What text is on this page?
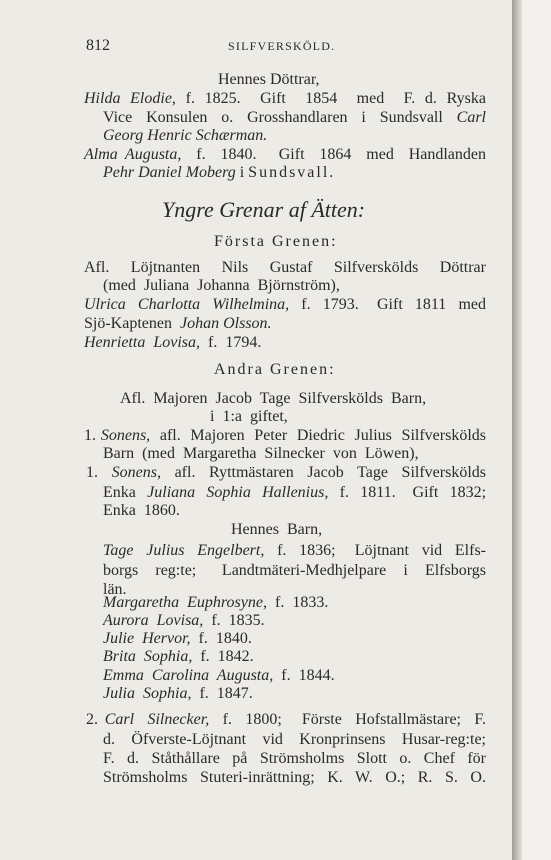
812	SILFVERSKÖLD.
Hennes Döttrar,
Hilda Elodie, f. 1825.  Gift  1854  med  F. d. Ryska
Vice  Konsulen  o.  Grosshandlaren  i  Sundsvall  Carl
Georg Henric Schærman.
Alma Augusta,  f.  1840.   Gift  1864  med  Handlanden
Pehr Daniel Moberg i Sundsvall.
Yngre Grenar af Ätten:
Första Grenen:
Afl.  Löjtnanten  Nils  Gustaf  Silfverskölds  Döttrar
(med  Juliana  Johanna  Björnström),
Ulrica  Charlotta  Wilhelmina,  f.  1793.   Gift  1811  med
Sjö-Kaptenen  Johan Olsson.
Henrietta  Lovisa,  f.  1794.
Andra Grenen:
Afl.  Majoren  Jacob  Tage  Silfverskölds  Barn,
i  1:a  giftet,
1. Sonens,  afl.  Majoren  Peter  Diedric  Julius  Silfverskölds
Barn  (med  Margaretha  Silnecker  von  Löwen),
1.  Sonens,  afl.  Ryttmästaren  Jacob  Tage  Silfverskölds
Enka  Juliana  Sophia  Hallenius,  f.  1811.   Gift  1832;
Enka  1860.
Hennes  Barn,
Tage  Julius  Engelbert,  f.  1836;   Löjtnant  vid  Elfs-
borgs  reg:te;   Landtmäteri-Medhjelpare  i  Elfsborgs
län.
Margaretha  Euphrosyne,  f.  1833.
Aurora  Lovisa,  f.  1835.
Julie  Hervor,  f.  1840.
Brita  Sophia,  f.  1842.
Emma  Carolina  Augusta,  f.  1844.
Julia  Sophia,  f.  1847.
2. Carl  Silnecker,  f.  1800;   Förste  Hofstallmästare;  F.
d.  Öfverste-Löjtnant  vid  Kronprinsens  Husar-reg:te;
F.  d.  Ståthållare  på  Strömsholms  Slott  o.  Chef  för
Strömsholms  Stuteri-inrättning;  K.  W.  O.;  R.  S.  O.
